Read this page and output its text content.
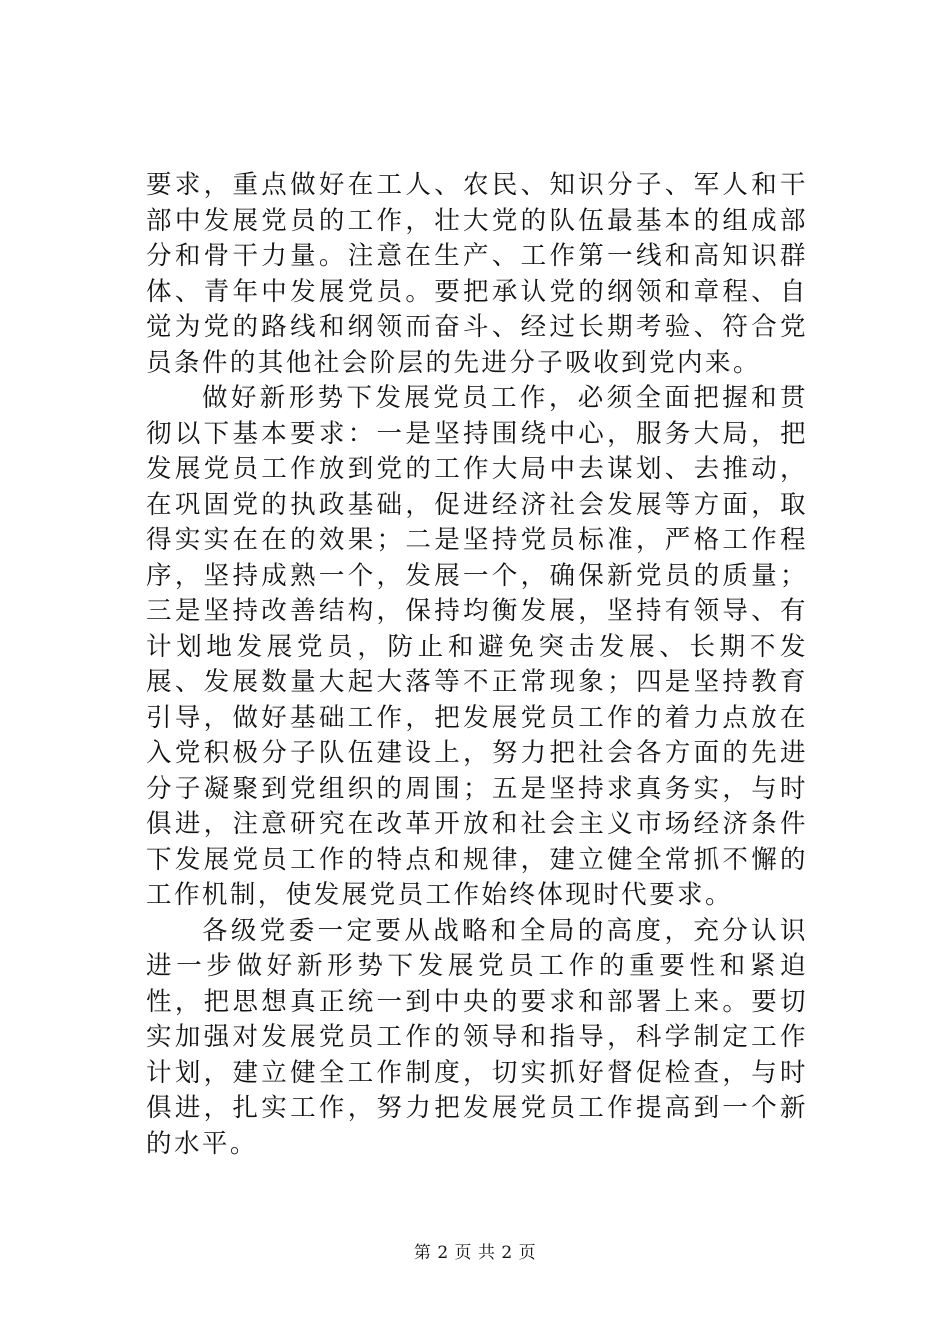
要求，重点做好在工人、农民、知识分子、军人和干部中发展党员的工作，壮大党的队伍最基本的组成部分和骨干力量。注意在生产、工作第一线和高知识群体、青年中发展党员。要把承认党的纲领和章程、自觉为党的路线和纲领而奋斗、经过长期考验、符合党员条件的其他社会阶层的先进分子吸收到党内来。

做好新形势下发展党员工作，必须全面把握和贯彻以下基本要求：一是坚持围绕中心，服务大局，把发展党员工作放到党的工作大局中去谋划、去推动，在巩固党的执政基础，促进经济社会发展等方面，取得实实在在的效果；二是坚持党员标准，严格工作程序，坚持成熟一个，发展一个，确保新党员的质量；三是坚持改善结构，保持均衡发展，坚持有领导、有计划地发展党员，防止和避免突击发展、长期不发展、发展数量大起大落等不正常现象；四是坚持教育引导，做好基础工作，把发展党员工作的着力点放在入党积极分子队伍建设上，努力把社会各方面的先进分子凝聚到党组织的周围；五是坚持求真务实，与时俱进，注意研究在改革开放和社会主义市场经济条件下发展党员工作的特点和规律，建立健全常抓不懈的工作机制，使发展党员工作始终体现时代要求。

各级党委一定要从战略和全局的高度，充分认识进一步做好新形势下发展党员工作的重要性和紧迫性，把思想真正统一到中央的要求和部署上来。要切实加强对发展党员工作的领导和指导，科学制定工作计划，建立健全工作制度，切实抓好督促检查，与时俱进，扎实工作，努力把发展党员工作提高到一个新的水平。

第 2 页 共 2 页
